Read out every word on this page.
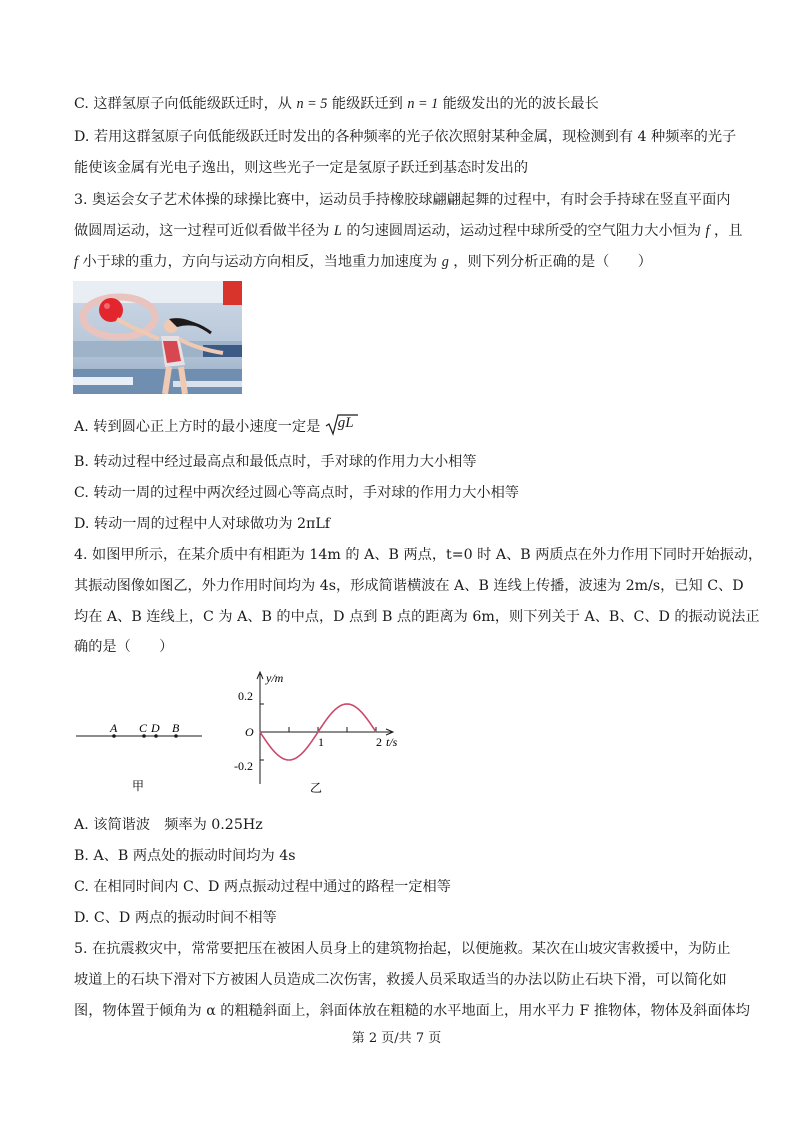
C. 这群氢原子向低能级跃迁时，从 n = 5 能级跃迁到 n = 1 能级发出的光的波长最长
D. 若用这群氢原子向低能级跃迁时发出的各种频率的光子依次照射某种金属，现检测到有 4 种频率的光子
能使该金属有光电子逸出，则这些光子一定是氢原子跃迁到基态时发出的
3. 奥运会女子艺术体操的球操比赛中，运动员手持橡胶球翩翩起舞的过程中，有时会手持球在竖直平面内
做圆周运动，这一过程可近似看做半径为 L 的匀速圆周运动，运动过程中球所受的空气阻力大小恒为 f ，且
f 小于球的重力，方向与运动方向相反，当地重力加速度为 g ，则下列分析正确的是（　　）
A. 转到圆心正上方时的最小速度一定是 gL
B. 转动过程中经过最高点和最低点时，手对球的作用力大小相等
C. 转动一周的过程中两次经过圆心等高点时，手对球的作用力大小相等
D. 转动一周的过程中人对球做功为 2πLf
4. 如图甲所示，在某介质中有相距为 14m 的 A、B 两点，t=0 时 A、B 两质点在外力作用下同时开始振动，
其振动图像如图乙，外力作用时间均为 4s，形成简谐横波在 A、B 连线上传播，波速为 2m/s，已知 C、D
均在 A、B 连线上，C 为 A、B 的中点，D 点到 B 点的距离为 6m，则下列关于 A、B、C、D 的振动说法正
确的是（　　）
A C D B
甲
y/m
t/s
O
0.2
-0.2
1	2
乙
A. 该简谐波　频率为 0.25Hz
B. A、B 两点处的振动时间均为 4s
C. 在相同时间内 C、D 两点振动过程中通过的路程一定相等
D. C、D 两点的振动时间不相等
5. 在抗震救灾中，常常要把压在被困人员身上的建筑物抬起，以便施救。某次在山坡灾害救援中，为防止
坡道上的石块下滑对下方被困人员造成二次伤害，救援人员采取适当的办法以防止石块下滑，可以简化如
图，物体置于倾角为 α 的粗糙斜面上，斜面体放在粗糙的水平地面上，用水平力 F 推物体，物体及斜面体均
第 2 页/共 7 页
